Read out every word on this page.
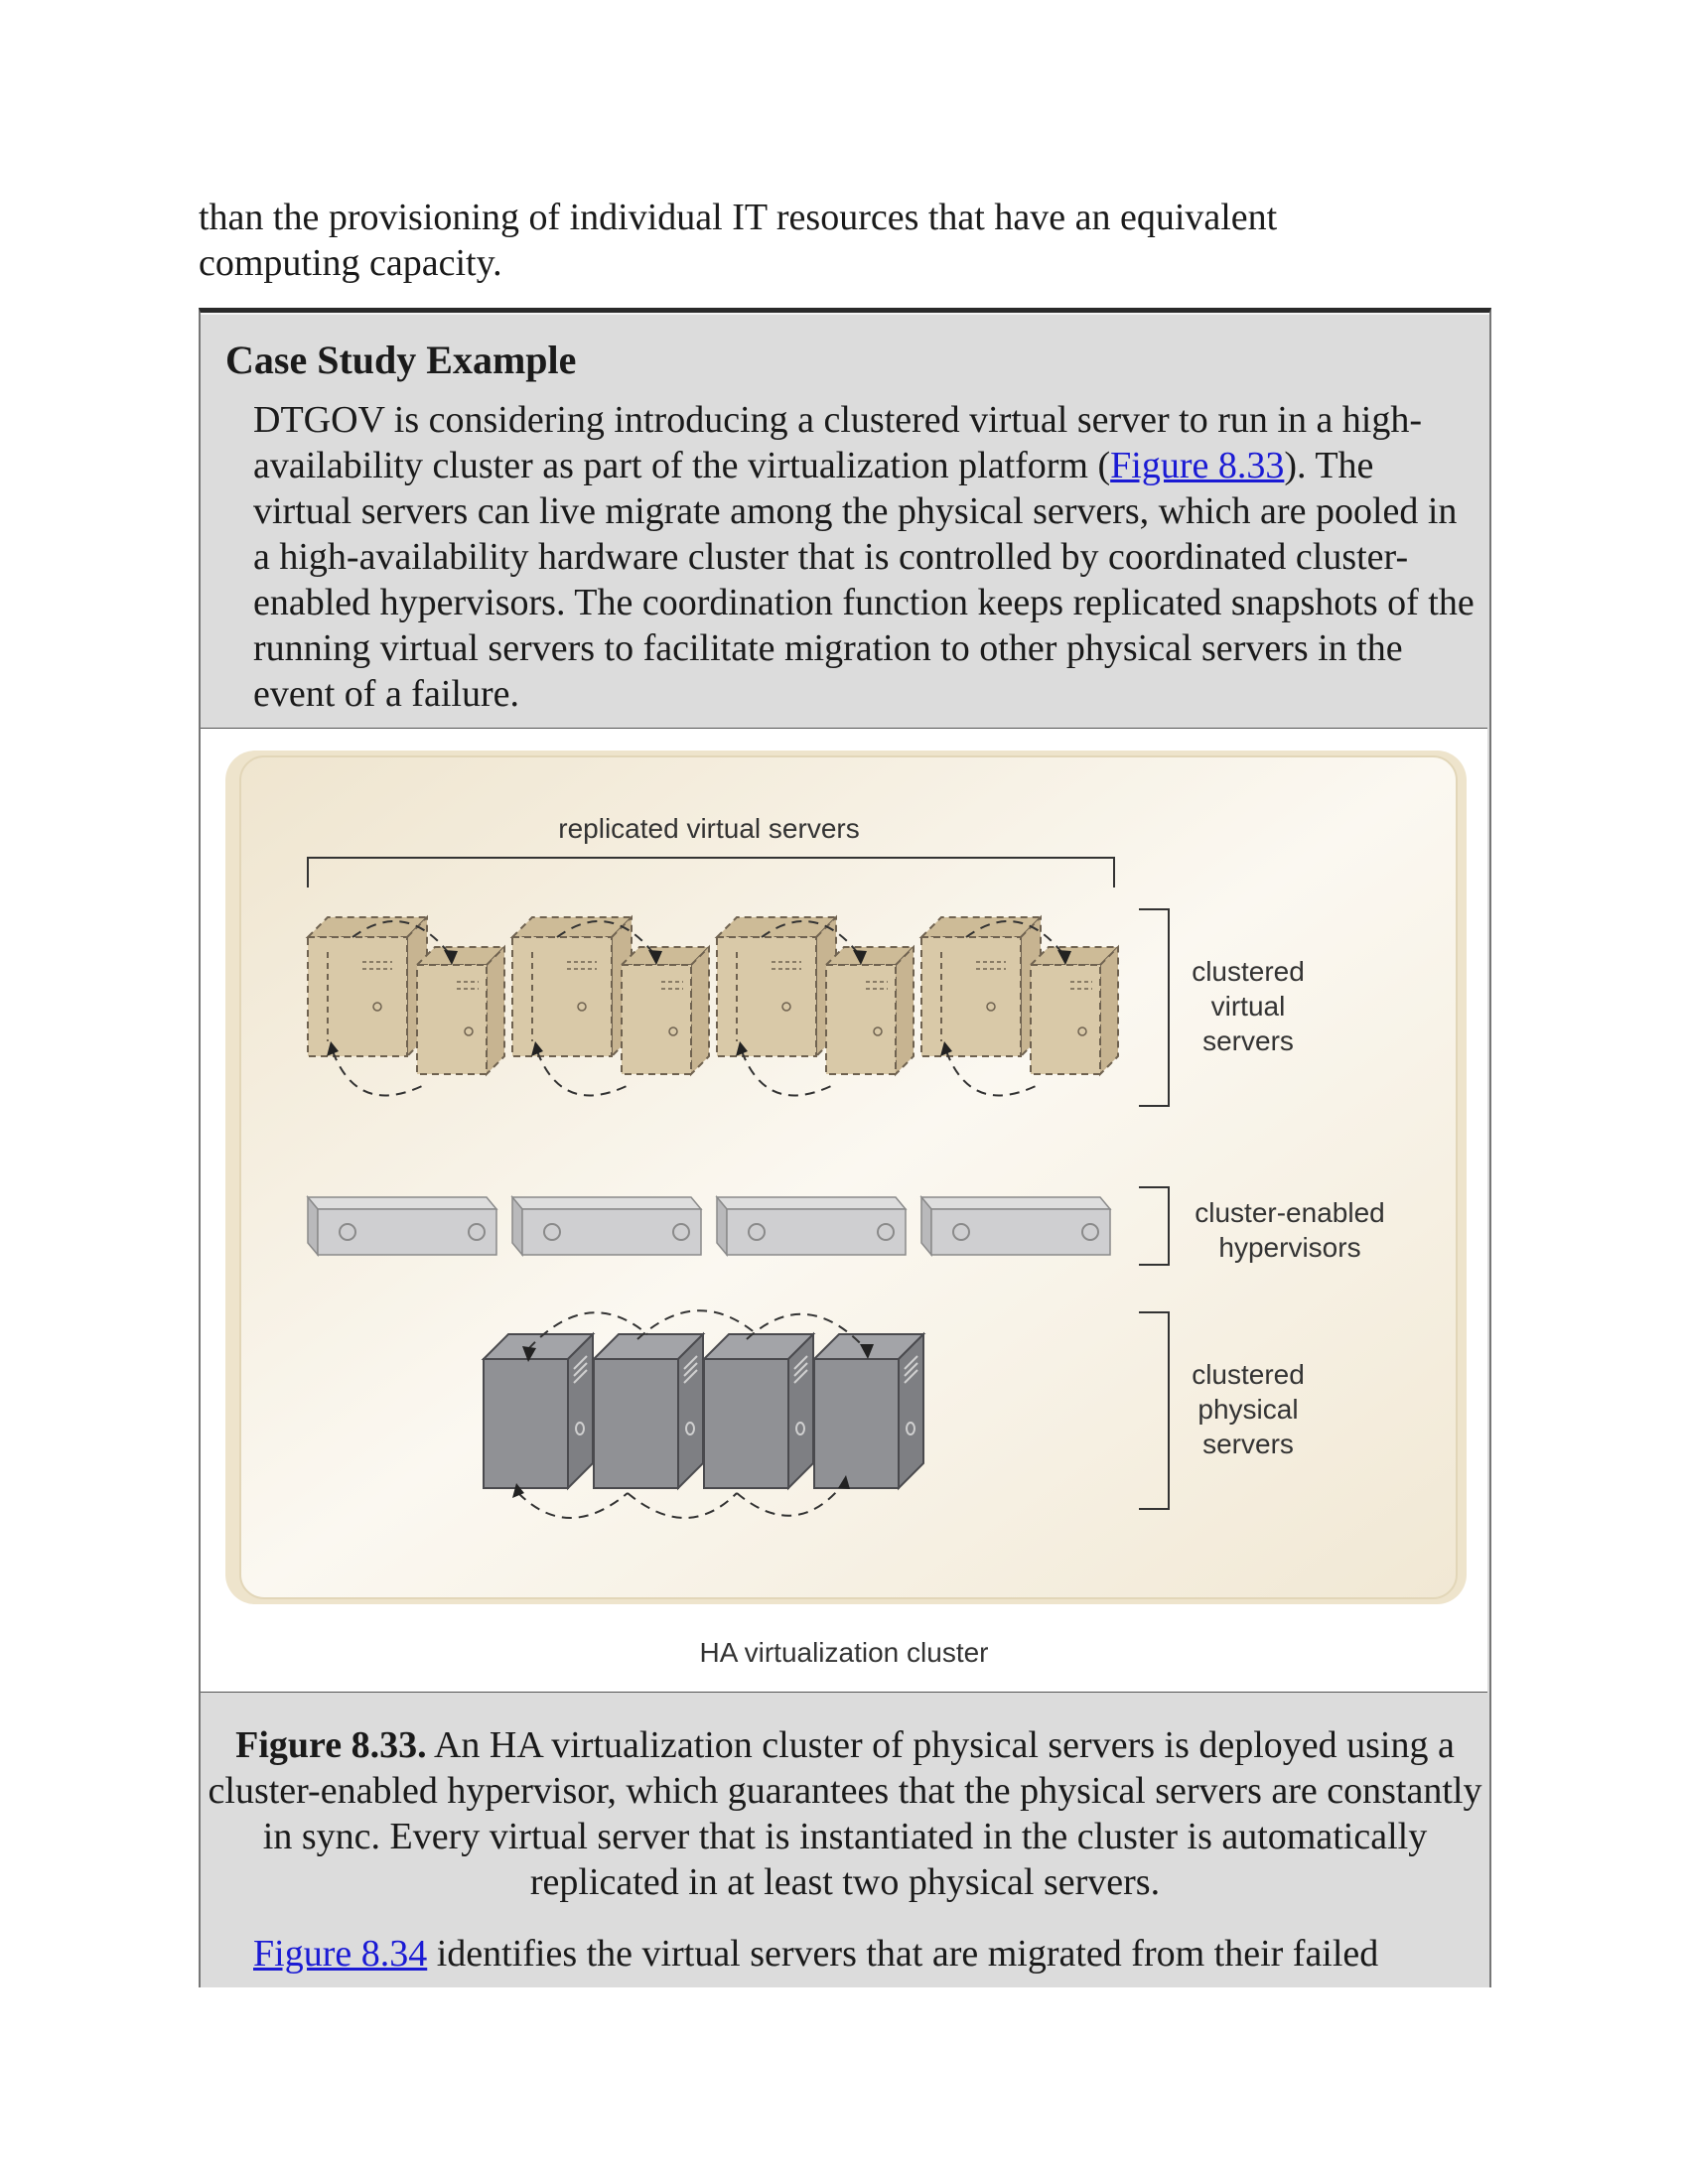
than the provisioning of individual IT resources that have an equivalent
computing capacity.

Case Study Example

DTGOV is considering introducing a clustered virtual server to run in a high-availability cluster as part of the virtualization platform (Figure 8.33). The virtual servers can live migrate among the physical servers, which are pooled in a high-availability hardware cluster that is controlled by coordinated cluster-enabled hypervisors. The coordination function keeps replicated snapshots of the running virtual servers to facilitate migration to other physical servers in the event of a failure.

replicated virtual servers
clustered
virtual
servers
cluster-enabled
hypervisors
clustered
physical
servers
HA virtualization cluster

Figure 8.33. An HA virtualization cluster of physical servers is deployed using a cluster-enabled hypervisor, which guarantees that the physical servers are constantly in sync. Every virtual server that is instantiated in the cluster is automatically replicated in at least two physical servers.

Figure 8.34 identifies the virtual servers that are migrated from their failed
